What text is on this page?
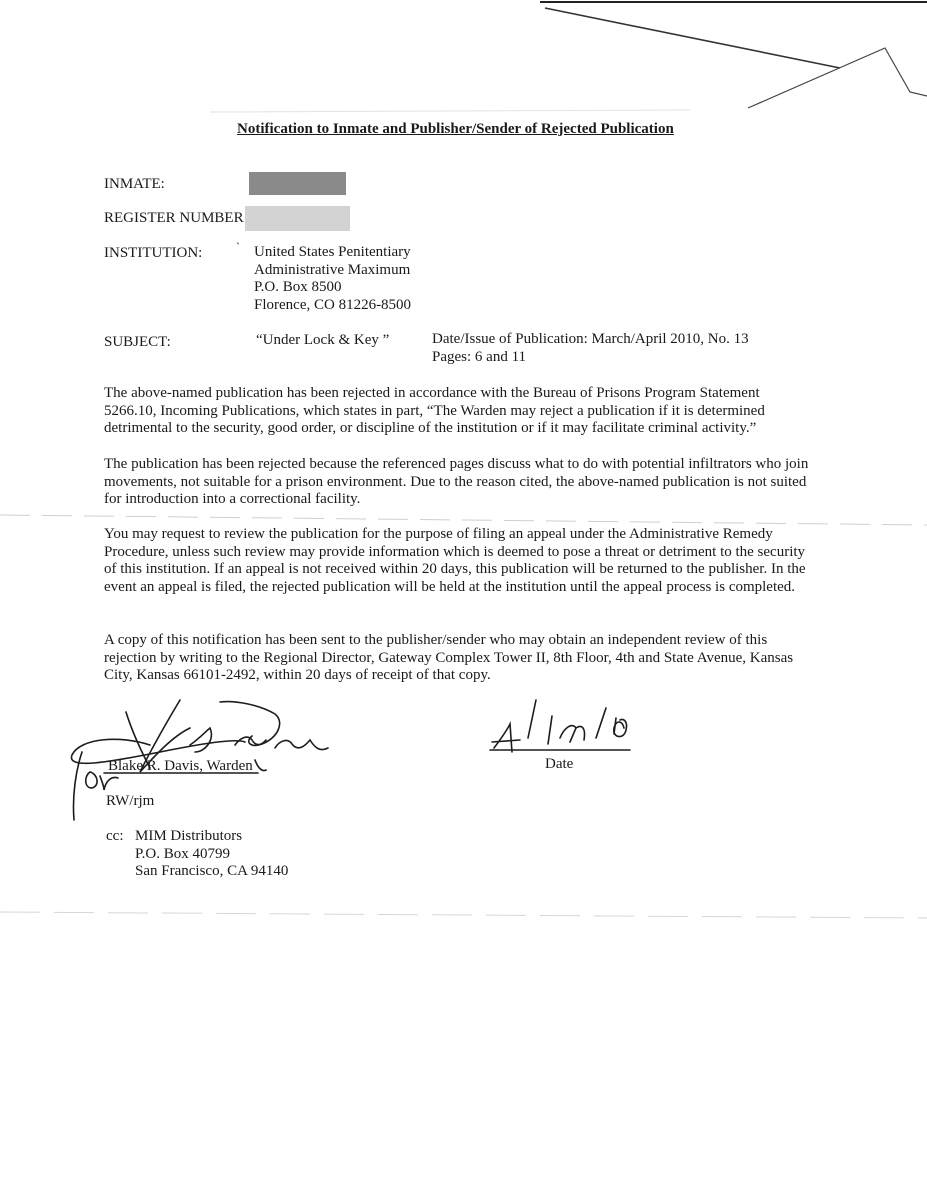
Notification to Inmate and Publisher/Sender of Rejected Publication
INMATE:
REGISTER NUMBER
INSTITUTION:	ˋ United States Penitentiary
Administrative Maximum
P.O. Box 8500
Florence, CO 81226-8500
SUBJECT:	“Under Lock & Key ”	Date/Issue of Publication: March/April 2010, No. 13
Pages: 6 and 11
The above-named publication has been rejected in accordance with the Bureau of Prisons Program Statement 5266.10, Incoming Publications, which states in part, “The Warden may reject a publication if it is determined detrimental to the security, good order, or discipline of the institution or if it may facilitate criminal activity.”
The publication has been rejected because the referenced pages discuss what to do with potential infiltrators who join movements, not suitable for a prison environment. Due to the reason cited, the above-named publication is not suited for introduction into a correctional facility.
You may request to review the publication for the purpose of filing an appeal under the Administrative Remedy Procedure, unless such review may provide information which is deemed to pose a threat or detriment to the security of this institution. If an appeal is not received within 20 days, this publication will be returned to the publisher. In the event an appeal is filed, the rejected publication will be held at the institution until the appeal process is completed.
A copy of this notification has been sent to the publisher/sender who may obtain an independent review of this rejection by writing to the Regional Director, Gateway Complex Tower II, 8th Floor, 4th and State Avenue, Kansas City, Kansas 66101-2492, within 20 days of receipt of that copy.
Blake R. Davis, Warden	Date
RW/rjm
cc: MIM Distributors
P.O. Box 40799
San Francisco, CA 94140
